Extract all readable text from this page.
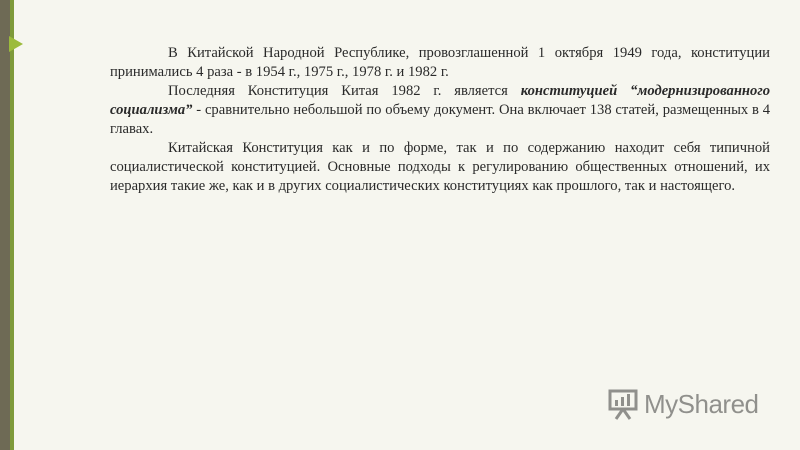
В Китайской Народной Республике, провозглашенной 1 октября 1949 года, конституции принимались 4 раза - в 1954 г., 1975 г., 1978 г. и 1982 г.

Последняя Конституция Китая 1982 г. является конституцией “модернизированного социализма” - сравнительно небольшой по объему документ. Она включает 138 статей, размещенных в 4 главах.

Китайская Конституция как и по форме, так и по содержанию находит себя типичной социалистической конституцией. Основные подходы к регулированию общественных отношений, их иерархия такие же, как и в других социалистических конституциях как прошлого, так и настоящего.

MyShared
